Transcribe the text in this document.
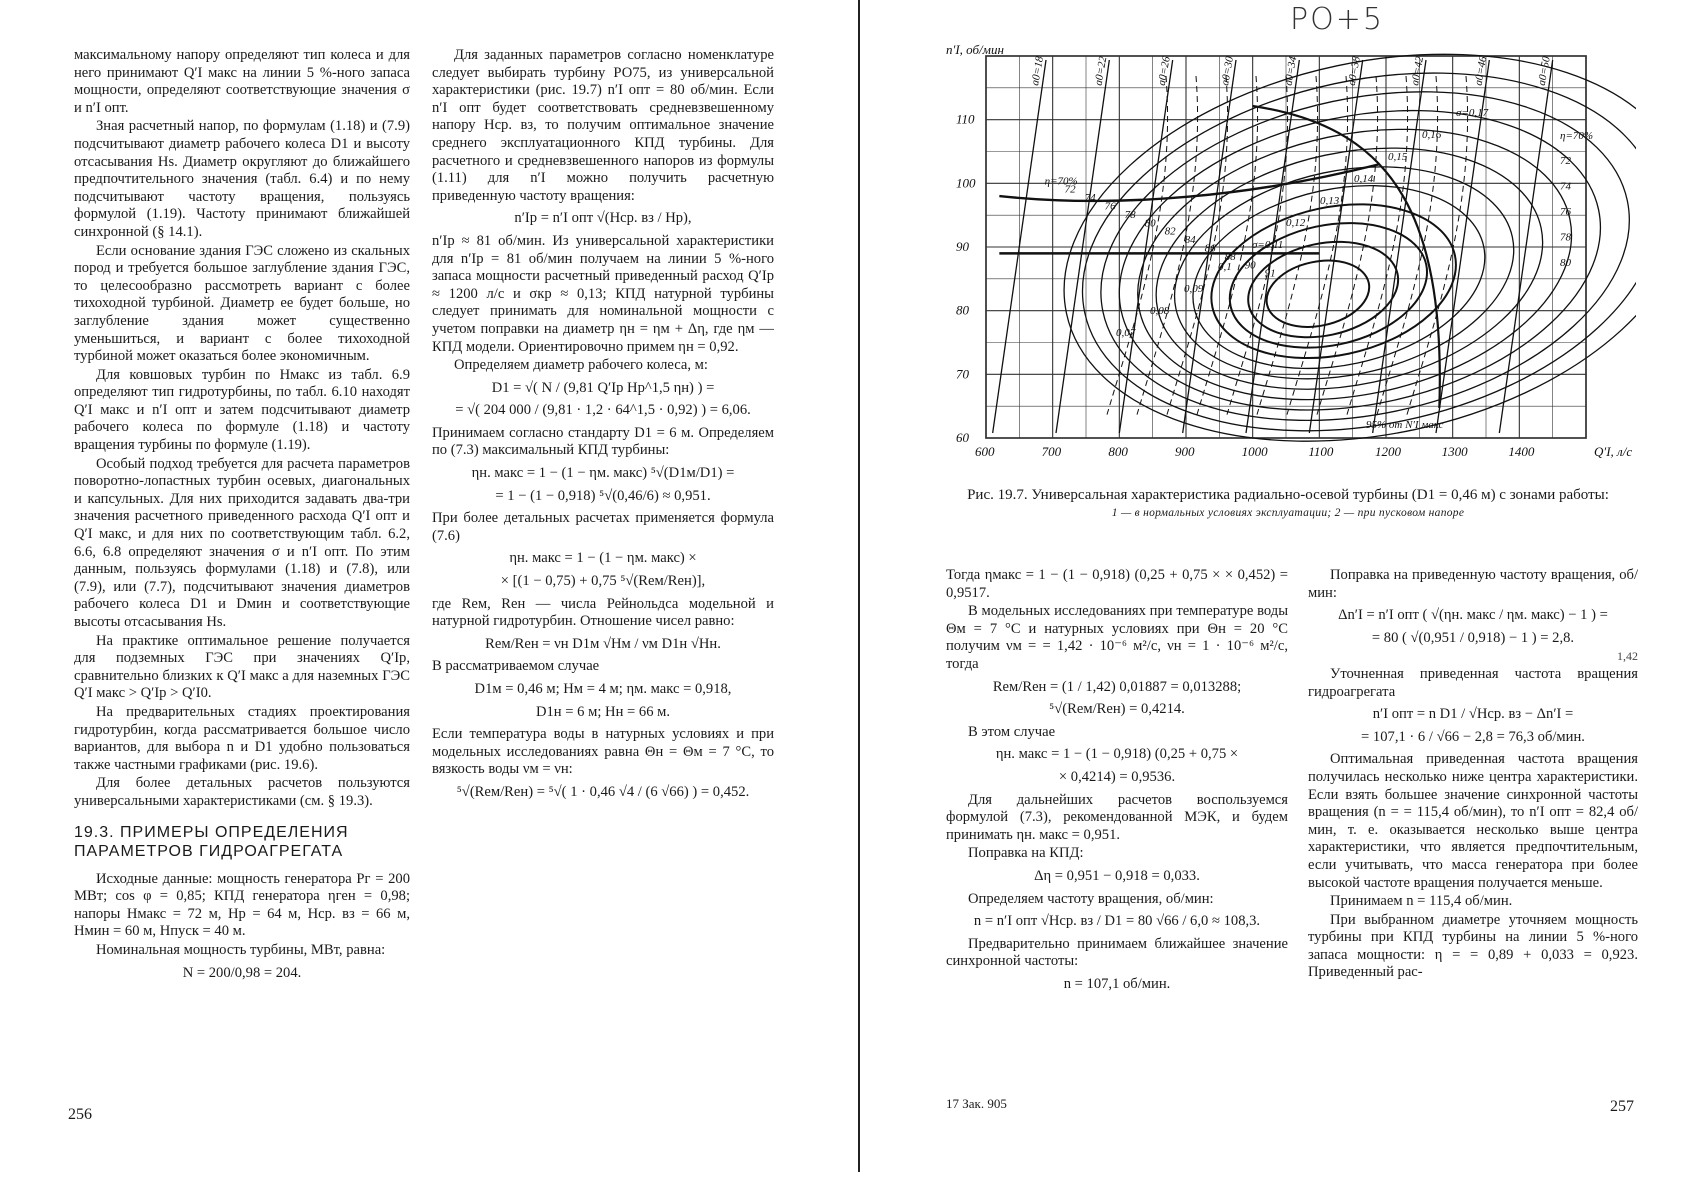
максимальному напору определяют тип колеса и для него принимают Q′I макс на линии 5 %-ного запаса мощности, определяют соответствующие значения σ и n′I опт.

Зная расчетный напор, по формулам (1.18) и (7.9) подсчитывают диаметр рабочего колеса D1 и высоту отсасывания Hs. Диаметр округляют до ближайшего предпочтительного значения (табл. 6.4) и по нему подсчитывают частоту вращения, пользуясь формулой (1.19). Частоту принимают ближайшей синхронной (§ 14.1).

Если основание здания ГЭС сложено из скальных пород и требуется большое заглубление здания ГЭС, то целесообразно рассмотреть вариант с более тихоходной турбиной. Диаметр ее будет больше, но заглубление здания может существенно уменьшиться, и вариант с более тихоходной турбиной может оказаться более экономичным.

Для ковшовых турбин по Hмакс из табл. 6.9 определяют тип гидротурбины, по табл. 6.10 находят Q′I макс и n′I опт и затем подсчитывают диаметр рабочего колеса по формуле (1.18) и частоту вращения турбины по формуле (1.19).

Особый подход требуется для расчета параметров поворотно-лопастных турбин осевых, диагональных и капсульных. Для них приходится задавать два-три значения расчетного приведенного расхода Q′I опт и Q′I макс, и для них по соответствующим табл. 6.2, 6.6, 6.8 определяют значения σ и n′I опт. По этим данным, пользуясь формулами (1.18) и (7.8), или (7.9), или (7.7), подсчитывают значения диаметров рабочего колеса D1 и Dмин и соответствующие высоты отсасывания Hs.

На практике оптимальное решение получается для подземных ГЭС при значениях Q′Ip, сравнительно близких к Q′I макс а для наземных ГЭС Q′I макс > Q′Ip > Q′I0.

На предварительных стадиях проектирования гидротурбин, когда рассматривается большое число вариантов, для выбора n и D1 удобно пользоваться также частными графиками (рис. 19.6).

Для более детальных расчетов пользуются универсальными характеристиками (см. § 19.3).

19.3. ПРИМЕРЫ ОПРЕДЕЛЕНИЯ ПАРАМЕТРОВ ГИДРОАГРЕГАТА

Исходные данные: мощность генератора Pг = 200 МВт; cos φ = 0,85; КПД генератора ηген = 0,98; напоры Hмакс = 72 м, Hр = 64 м, Hср. вз = 66 м, Hмин = 60 м, Hпуск = 40 м.

Номинальная мощность турбины, МВт, равна:

N = 200/0,98 = 204.

Для заданных параметров согласно номенклатуре следует выбирать турбину РО75, из универсальной характеристики (рис. 19.7) n′I опт = 80 об/мин. Если n′I опт будет соответствовать средневзвешенному напору Hср. вз, то получим оптимальное значение среднего эксплуатационного КПД турбины. Для расчетного и средневзвешенного напоров из формулы (1.11) для n′I можно получить расчетную приведенную частоту вращения:

n′Ip = n′I опт √(Hср. вз / Hр),

n′Ip ≈ 81 об/мин. Из универсальной характеристики для n′Ip = 81 об/мин получаем на линии 5 %-ного запаса мощности расчетный приведенный расход Q′Ip ≈ 1200 л/с и σкр ≈ 0,13; КПД натурной турбины следует принимать для номинальной мощности с учетом поправки на диаметр ηн = ηм + Δη, где ηм — КПД модели. Ориентировочно примем ηн = 0,92.

Определяем диаметр рабочего колеса, м:

D1 = √( N / (9,81 Q′Ip Hp^1,5 ηн) ) =

= √( 204 000 / (9,81 · 1,2 · 64^1,5 · 0,92) ) = 6,06.

Принимаем согласно стандарту D1 = 6 м. Определяем по (7.3) максимальный КПД турбины:

ηн. макс = 1 − (1 − ηм. макс) ⁵√(D1м/D1) =

= 1 − (1 − 0,918) ⁵√(0,46/6) ≈ 0,951.

При более детальных расчетах применяется формула (7.6)

ηн. макс = 1 − (1 − ηм. макс) ×

× [(1 − 0,75) + 0,75 ⁵√(Reм/Reн)],

где Reм, Reн — числа Рейнольдса модельной и натурной гидротурбин. Отношение чисел равно:

Reм/Reн = νн D1м √Hм / νм D1н √Hн.

В рассматриваемом случае

D1м = 0,46 м; Hм = 4 м; ηм. макс = 0,918,

D1н = 6 м; Hн = 66 м.

Если температура воды в натурных условиях и при модельных исследованиях равна Θн = Θм = 7 °С, то вязкость воды νм = νн:

⁵√(Reм/Reн) = ⁵√( 1 · 0,46 √4 / (6 √66) ) = 0,452.

256
РО+5
600	700	800	900	1000	1100	1200	1300	1400
110
100
90
80
70
60
n′I, об/мин
Q′I, л/с
a0=18	a0=22	a0=26	a0=30	a0=34	a0=38	a0=42	a0=46	a0=50
η=70%
72
74
76
78
80
82
84
86
88
90
91
σ=0,17
0,16
0,15
0,14
0,13
0,12
σ=0,11
0,1
0,09
0,08
0,07
η=70%
72
74
76
78
80
95% от N′I макс
Рис. 19.7. Универсальная характеристика радиально-осевой турбины (D1 = 0,46 м) с зонами работы:
1 — в нормальных условиях эксплуатации; 2 — при пусковом напоре

Тогда ηмакс = 1 − (1 − 0,918) (0,25 + 0,75 × × 0,452) = 0,9517.

В модельных исследованиях при температуре воды Θм = 7 °С и натурных условиях при Θн = 20 °С получим νм = = 1,42 · 10⁻⁶ м²/с, νн = 1 · 10⁻⁶ м²/с, тогда

Reм/Reн = (1 / 1,42) 0,01887 = 0,013288;

⁵√(Reм/Reн) = 0,4214.

В этом случае

ηн. макс = 1 − (1 − 0,918) (0,25 + 0,75 ×

× 0,4214) = 0,9536.

Для дальнейших расчетов воспользуемся формулой (7.3), рекомендованной МЭК, и будем принимать ηн. макс = 0,951.

Поправка на КПД:

Δη = 0,951 − 0,918 = 0,033.

Определяем частоту вращения, об/мин:

n = n′I опт √Hср. вз / D1 = 80 √66 / 6,0 ≈ 108,3.

Предварительно принимаем ближайшее значение синхронной частоты:

n = 107,1 об/мин.

Поправка на приведенную частоту вращения, об/мин:

Δn′I = n′I опт ( √(ηн. макс / ηм. макс) − 1 ) =

= 80 ( √(0,951 / 0,918) − 1 ) = 2,8.

1,42

Уточненная приведенная частота вращения гидроагрегата

n′I опт = n D1 / √Hср. вз − Δn′I =

= 107,1 · 6 / √66 − 2,8 = 76,3 об/мин.

Оптимальная приведенная частота вращения получилась несколько ниже центра характеристики. Если взять большее значение синхронной частоты вращения (n = = 115,4 об/мин), то n′I опт = 82,4 об/мин, т. е. оказывается несколько выше центра характеристики, что является предпочтительным, если учитывать, что масса генератора при более высокой частоте вращения получается меньше.

Принимаем n = 115,4 об/мин.

При выбранном диаметре уточняем мощность турбины при КПД турбины на линии 5 %-ного запаса мощности: η = = 0,89 + 0,033 = 0,923. Приведенный рас-

17 Зак. 905	257
